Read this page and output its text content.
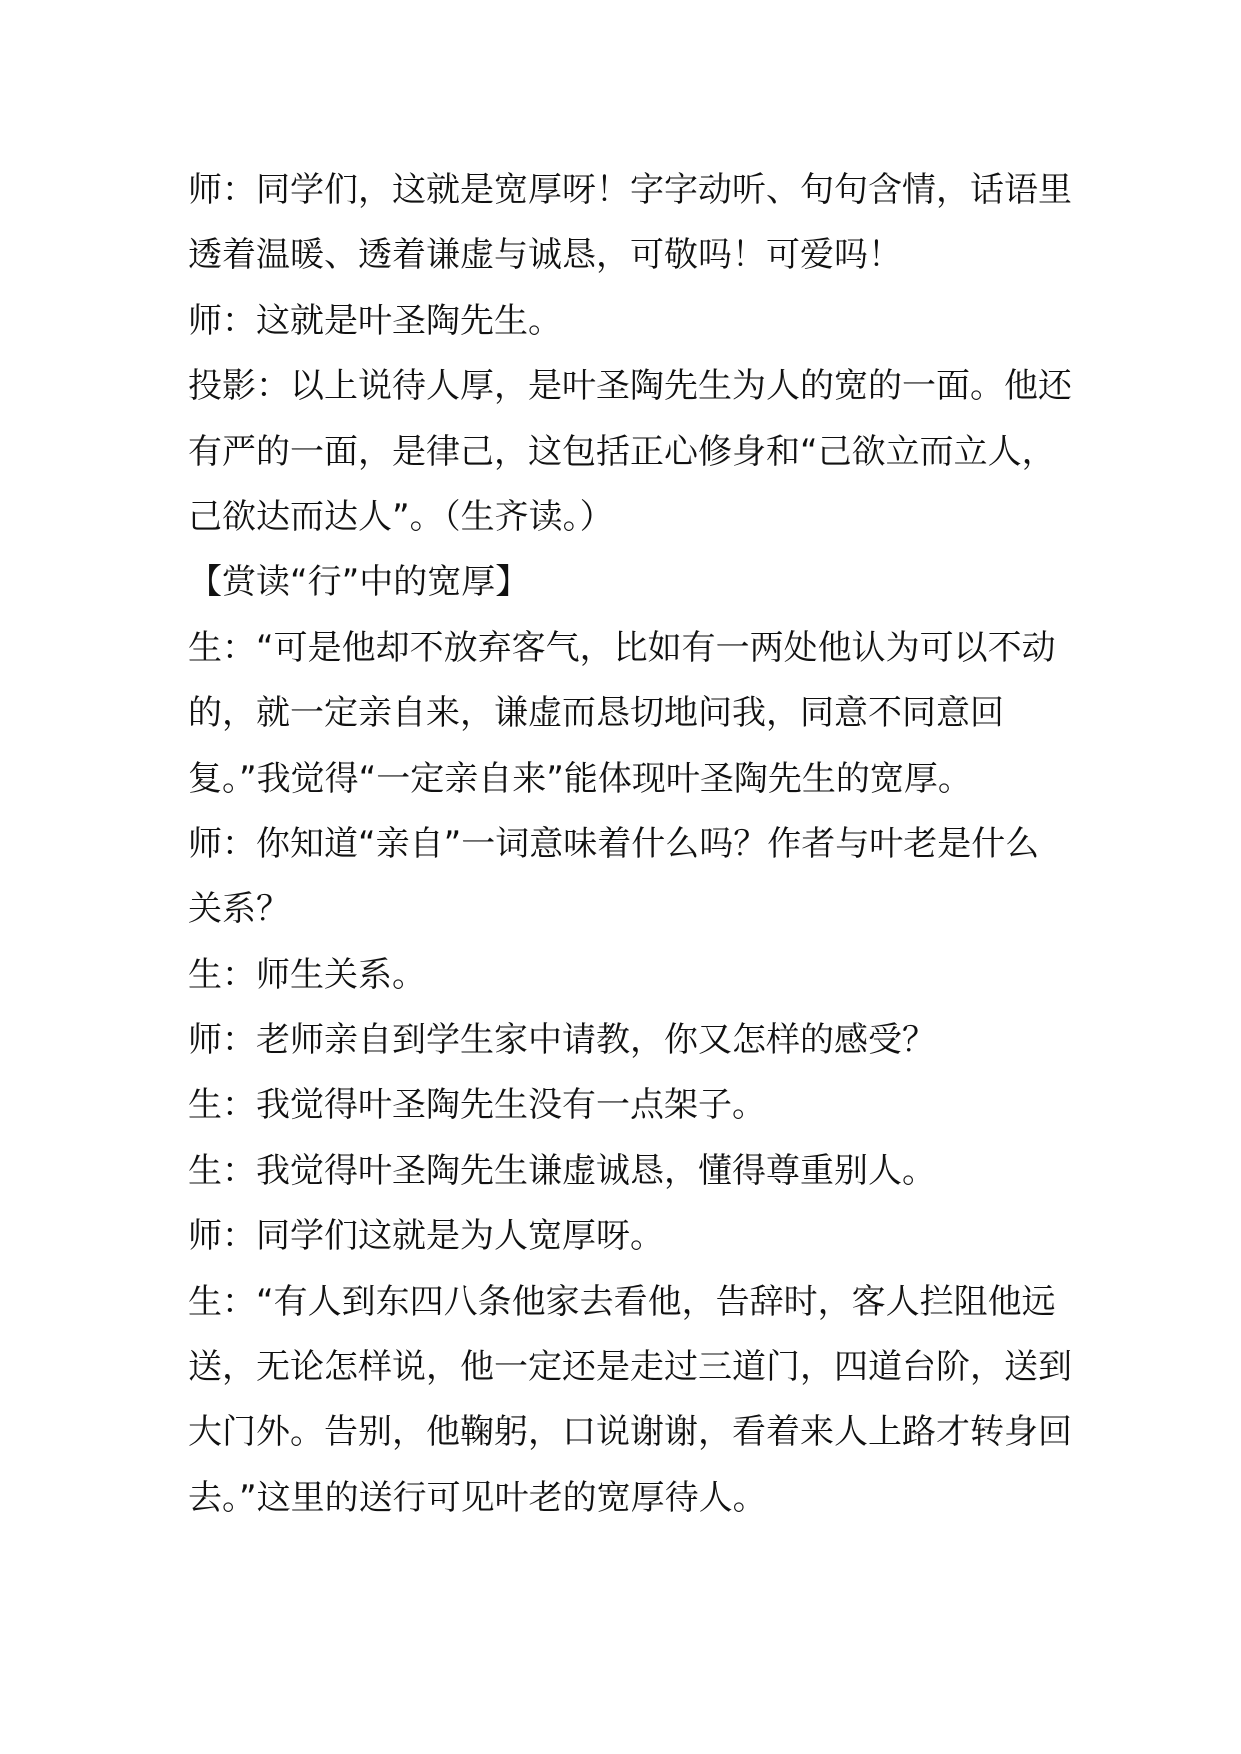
师：同学们，这就是宽厚呀！字字动听、句句含情，话语里
透着温暖、透着谦虚与诚恳，可敬吗！可爱吗！
师：这就是叶圣陶先生。
投影：以上说待人厚，是叶圣陶先生为人的宽的一面。他还
有严的一面，是律己，这包括正心修身和“己欲立而立人，
己欲达而达人”。（生齐读。）
【赏读“行”中的宽厚】
生：“可是他却不放弃客气，比如有一两处他认为可以不动
的，就一定亲自来，谦虚而恳切地问我，同意不同意回
复。”我觉得“一定亲自来”能体现叶圣陶先生的宽厚。
师：你知道“亲自”一词意味着什么吗？作者与叶老是什么
关系？
生：师生关系。
师：老师亲自到学生家中请教，你又怎样的感受？
生：我觉得叶圣陶先生没有一点架子。
生：我觉得叶圣陶先生谦虚诚恳，懂得尊重别人。
师：同学们这就是为人宽厚呀。
生：“有人到东四八条他家去看他，告辞时，客人拦阻他远
送，无论怎样说，他一定还是走过三道门，四道台阶，送到
大门外。告别，他鞠躬，口说谢谢，看着来人上路才转身回
去。”这里的送行可见叶老的宽厚待人。
